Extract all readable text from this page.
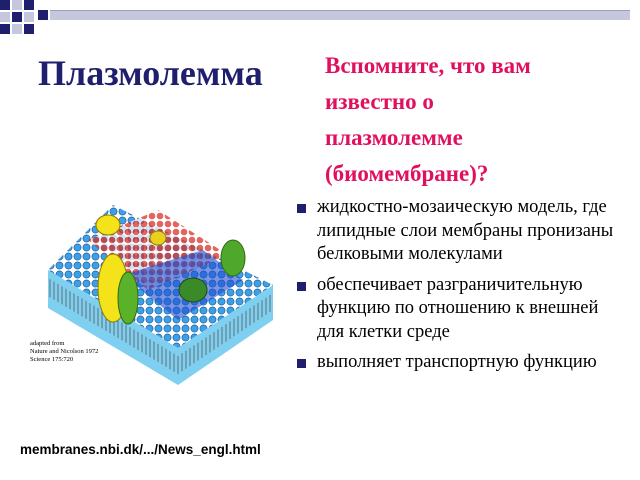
Плазмолемма	Вспомните, что вам
известно о
плазмолемме
(биомембране)?
adapted from
Nature and Nicolson 1972
Science 175:720
жидкостно-мозаическую модель, где липидные слои мембраны пронизаны белковыми молекулами
обеспечивает разграничительную функцию по отношению к внешней для клетки среде
выполняет транспортную функцию
membranes.nbi.dk/.../News_engl.html
